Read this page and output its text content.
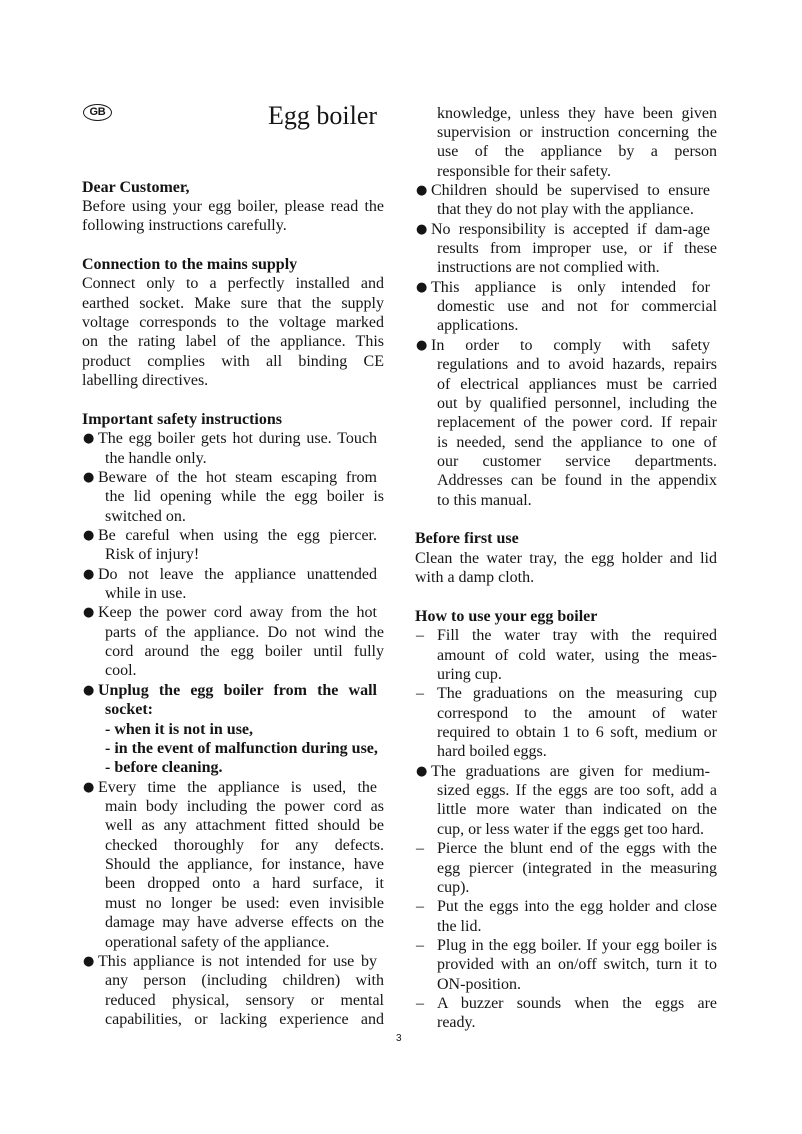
GB	Egg boiler
Dear Customer,
Before using your egg boiler, please read the
following instructions carefully.
Connection to the mains supply
Connect only to a perfectly installed and
earthed socket. Make sure that the supply
voltage corresponds to the voltage marked
on the rating label of the appliance. This
product complies with all binding CE
labelling directives.
Important safety instructions
● The egg boiler gets hot during use. Touch
the handle only.
● Beware of the hot steam escaping from
the lid opening while the egg boiler is
switched on.
● Be careful when using the egg piercer.
Risk of injury!
● Do not leave the appliance unattended
while in use.
● Keep the power cord away from the hot
parts of the appliance. Do not wind the
cord around the egg boiler until fully
cool.
● Unplug the egg boiler from the wall
socket:
- when it is not in use,
- in the event of malfunction during use,
- before cleaning.
● Every time the appliance is used, the
main body including the power cord as
well as any attachment fitted should be
checked thoroughly for any defects.
Should the appliance, for instance, have
been dropped onto a hard surface, it
must no longer be used: even invisible
damage may have adverse effects on the
operational safety of the appliance.
● This appliance is not intended for use by
any person (including children) with
reduced physical, sensory or mental
capabilities, or lacking experience and
knowledge, unless they have been given
supervision or instruction concerning the
use of the appliance by a person
responsible for their safety.
● Children should be supervised to ensure
that they do not play with the appliance.
● No responsibility is accepted if dam-age
results from improper use, or if these
instructions are not complied with.
● This appliance is only intended for
domestic use and not for commercial
applications.
● In order to comply with safety
regulations and to avoid hazards, repairs
of electrical appliances must be carried
out by qualified personnel, including the
replacement of the power cord. If repair
is needed, send the appliance to one of
our customer service departments.
Addresses can be found in the appendix
to this manual.
Before first use
Clean the water tray, the egg holder and lid
with a damp cloth.
How to use your egg boiler
– Fill the water tray with the required
amount of cold water, using the meas-
uring cup.
– The graduations on the measuring cup
correspond to the amount of water
required to obtain 1 to 6 soft, medium or
hard boiled eggs.
● The graduations are given for medium-
sized eggs. If the eggs are too soft, add a
little more water than indicated on the
cup, or less water if the eggs get too hard.
– Pierce the blunt end of the eggs with the
egg piercer (integrated in the measuring
cup).
– Put the eggs into the egg holder and close
the lid.
– Plug in the egg boiler. If your egg boiler is
provided with an on/off switch, turn it to
ON-position.
– A buzzer sounds when the eggs are
ready.
3
